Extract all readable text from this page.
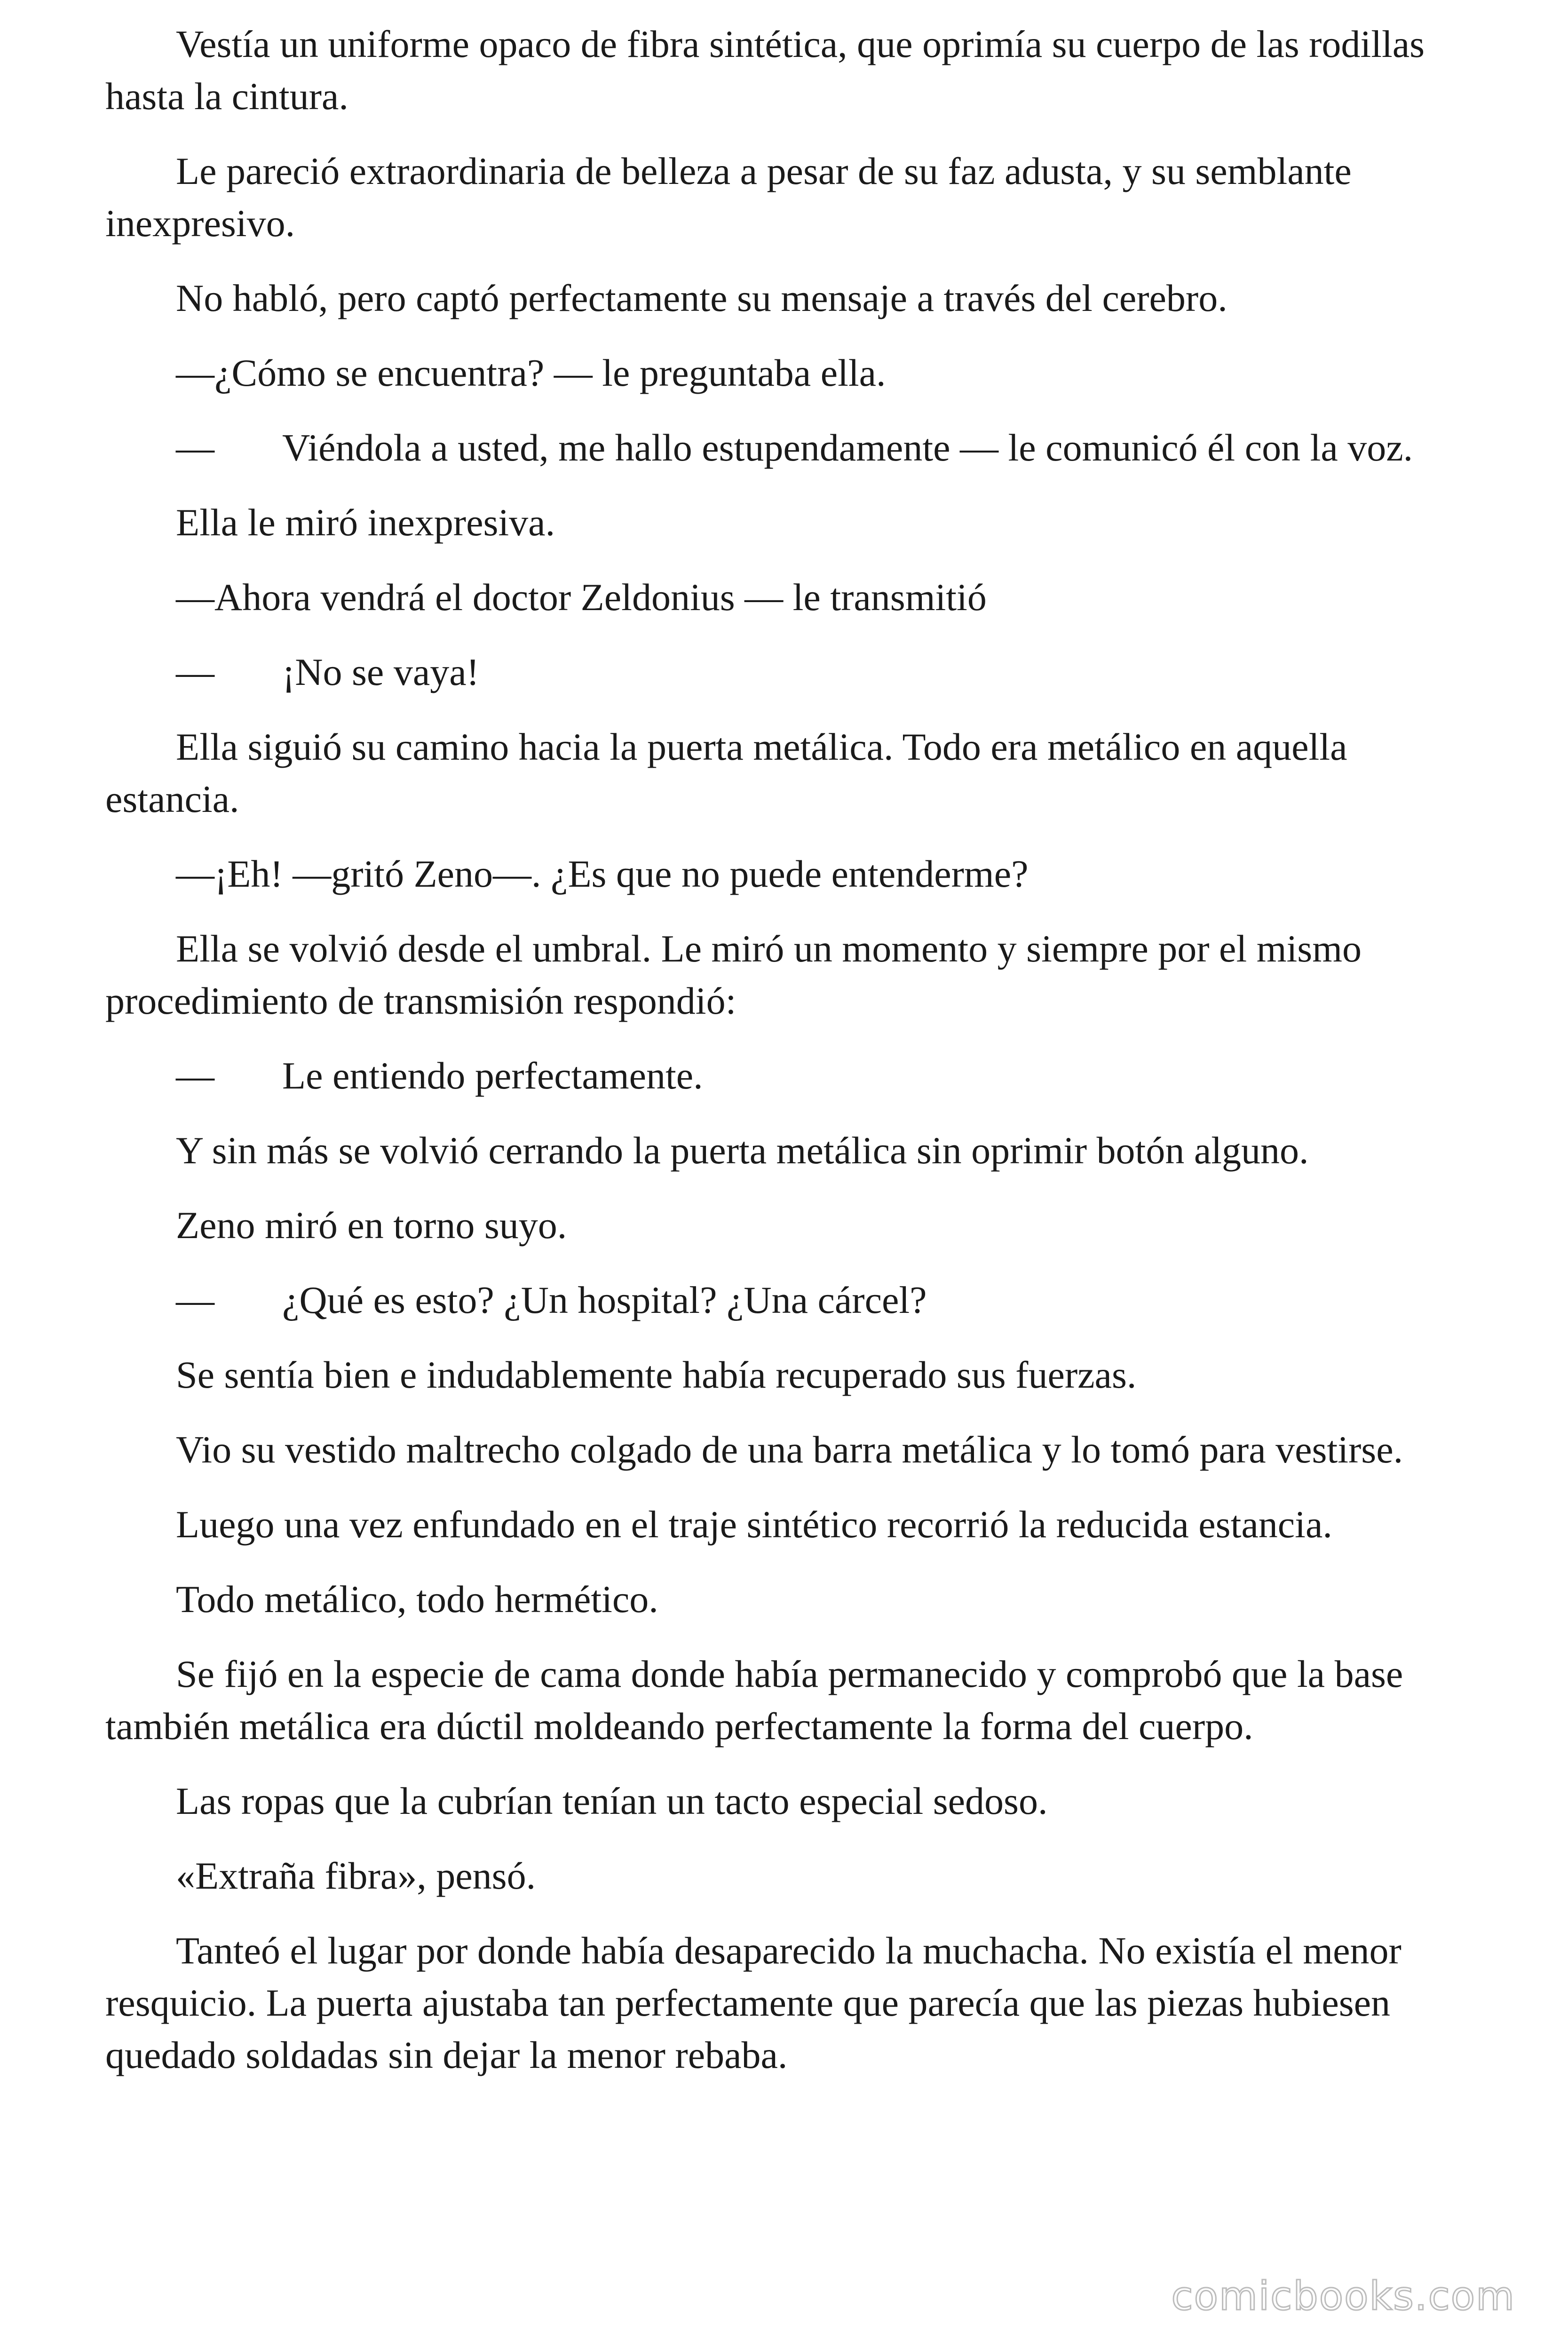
Vestía un uniforme opaco de fibra sintética, que oprimía su cuerpo de las rodillas hasta la cintura.

Le pareció extraordinaria de belleza a pesar de su faz adusta, y su semblante inexpresivo.

No habló, pero captó perfectamente su mensaje a través del cerebro.

—¿Cómo se encuentra? — le preguntaba ella.

— Viéndola a usted, me hallo estupendamente — le comunicó él con la voz.

Ella le miró inexpresiva.

—Ahora vendrá el doctor Zeldonius — le transmitió

— ¡No se vaya!

Ella siguió su camino hacia la puerta metálica. Todo era metálico en aquella estancia.

—¡Eh! —gritó Zeno—. ¿Es que no puede entenderme?

Ella se volvió desde el umbral. Le miró un momento y siempre por el mismo procedimiento de transmisión respondió:

— Le entiendo perfectamente.

Y sin más se volvió cerrando la puerta metálica sin oprimir botón alguno.

Zeno miró en torno suyo.

— ¿Qué es esto? ¿Un hospital? ¿Una cárcel?

Se sentía bien e indudablemente había recuperado sus fuerzas.

Vio su vestido maltrecho colgado de una barra metálica y lo tomó para vestirse.

Luego una vez enfundado en el traje sintético recorrió la reducida estancia.

Todo metálico, todo hermético.

Se fijó en la especie de cama donde había permanecido y comprobó que la base también metálica era dúctil moldeando perfectamente la forma del cuerpo.

Las ropas que la cubrían tenían un tacto especial sedoso.

«Extraña fibra», pensó.

Tanteó el lugar por donde había desaparecido la muchacha. No existía el menor resquicio. La puerta ajustaba tan perfectamente que parecía que las piezas hubiesen quedado soldadas sin dejar la menor rebaba.

comicbooks.com
